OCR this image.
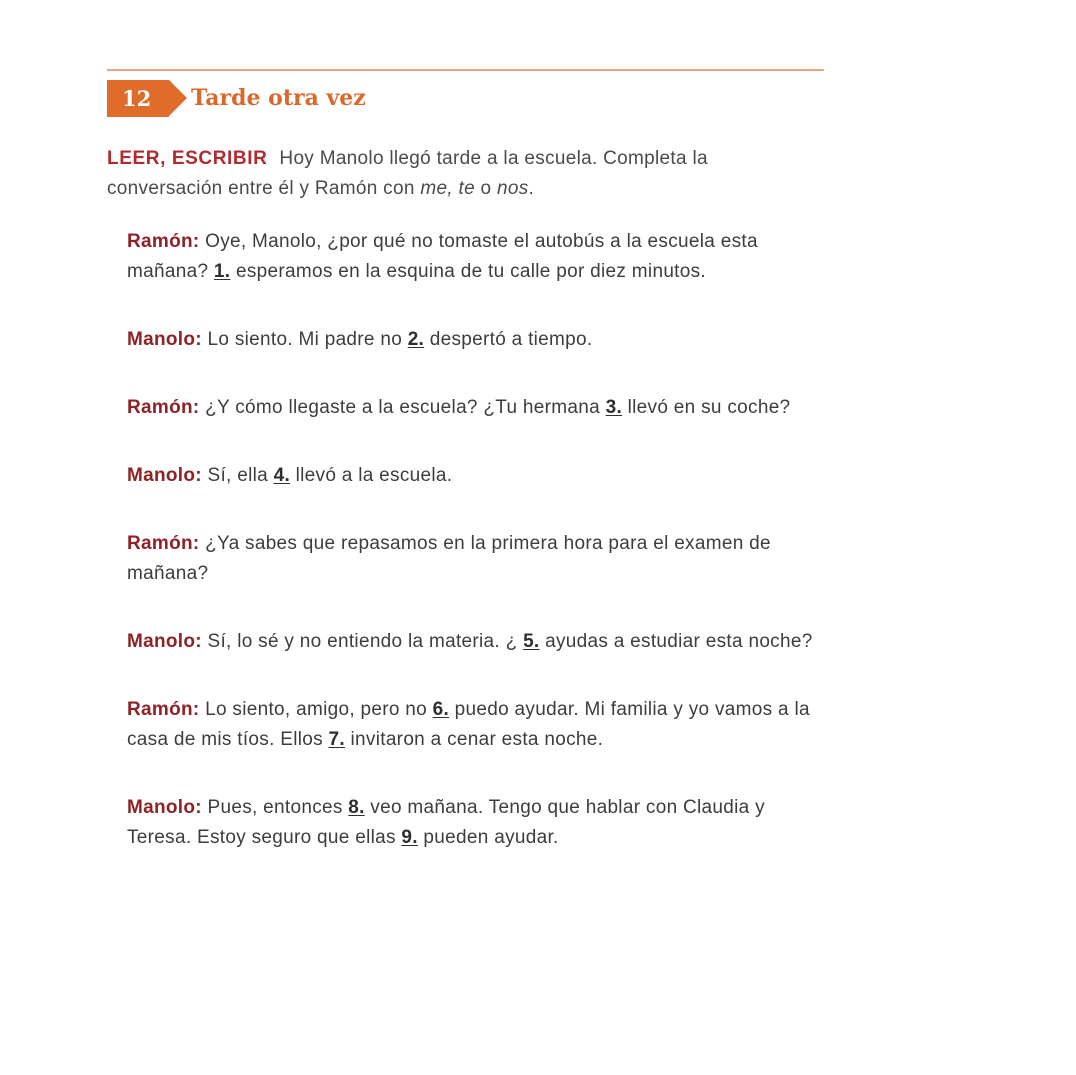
12	Tarde otra vez
LEER, ESCRIBIR Hoy Manolo llegó tarde a la escuela. Completa la conversación entre él y Ramón con me, te o nos.

Ramón: Oye, Manolo, ¿por qué no tomaste el autobús a la escuela esta mañana? 1. esperamos en la esquina de tu calle por diez minutos.

Manolo: Lo siento. Mi padre no 2. despertó a tiempo.

Ramón: ¿Y cómo llegaste a la escuela? ¿Tu hermana 3. llevó en su coche?

Manolo: Sí, ella 4. llevó a la escuela.

Ramón: ¿Ya sabes que repasamos en la primera hora para el examen de mañana?

Manolo: Sí, lo sé y no entiendo la materia. ¿ 5. ayudas a estudiar esta noche?

Ramón: Lo siento, amigo, pero no 6. puedo ayudar. Mi familia y yo vamos a la casa de mis tíos. Ellos 7. invitaron a cenar esta noche.

Manolo: Pues, entonces 8. veo mañana. Tengo que hablar con Claudia y Teresa. Estoy seguro que ellas 9. pueden ayudar.
